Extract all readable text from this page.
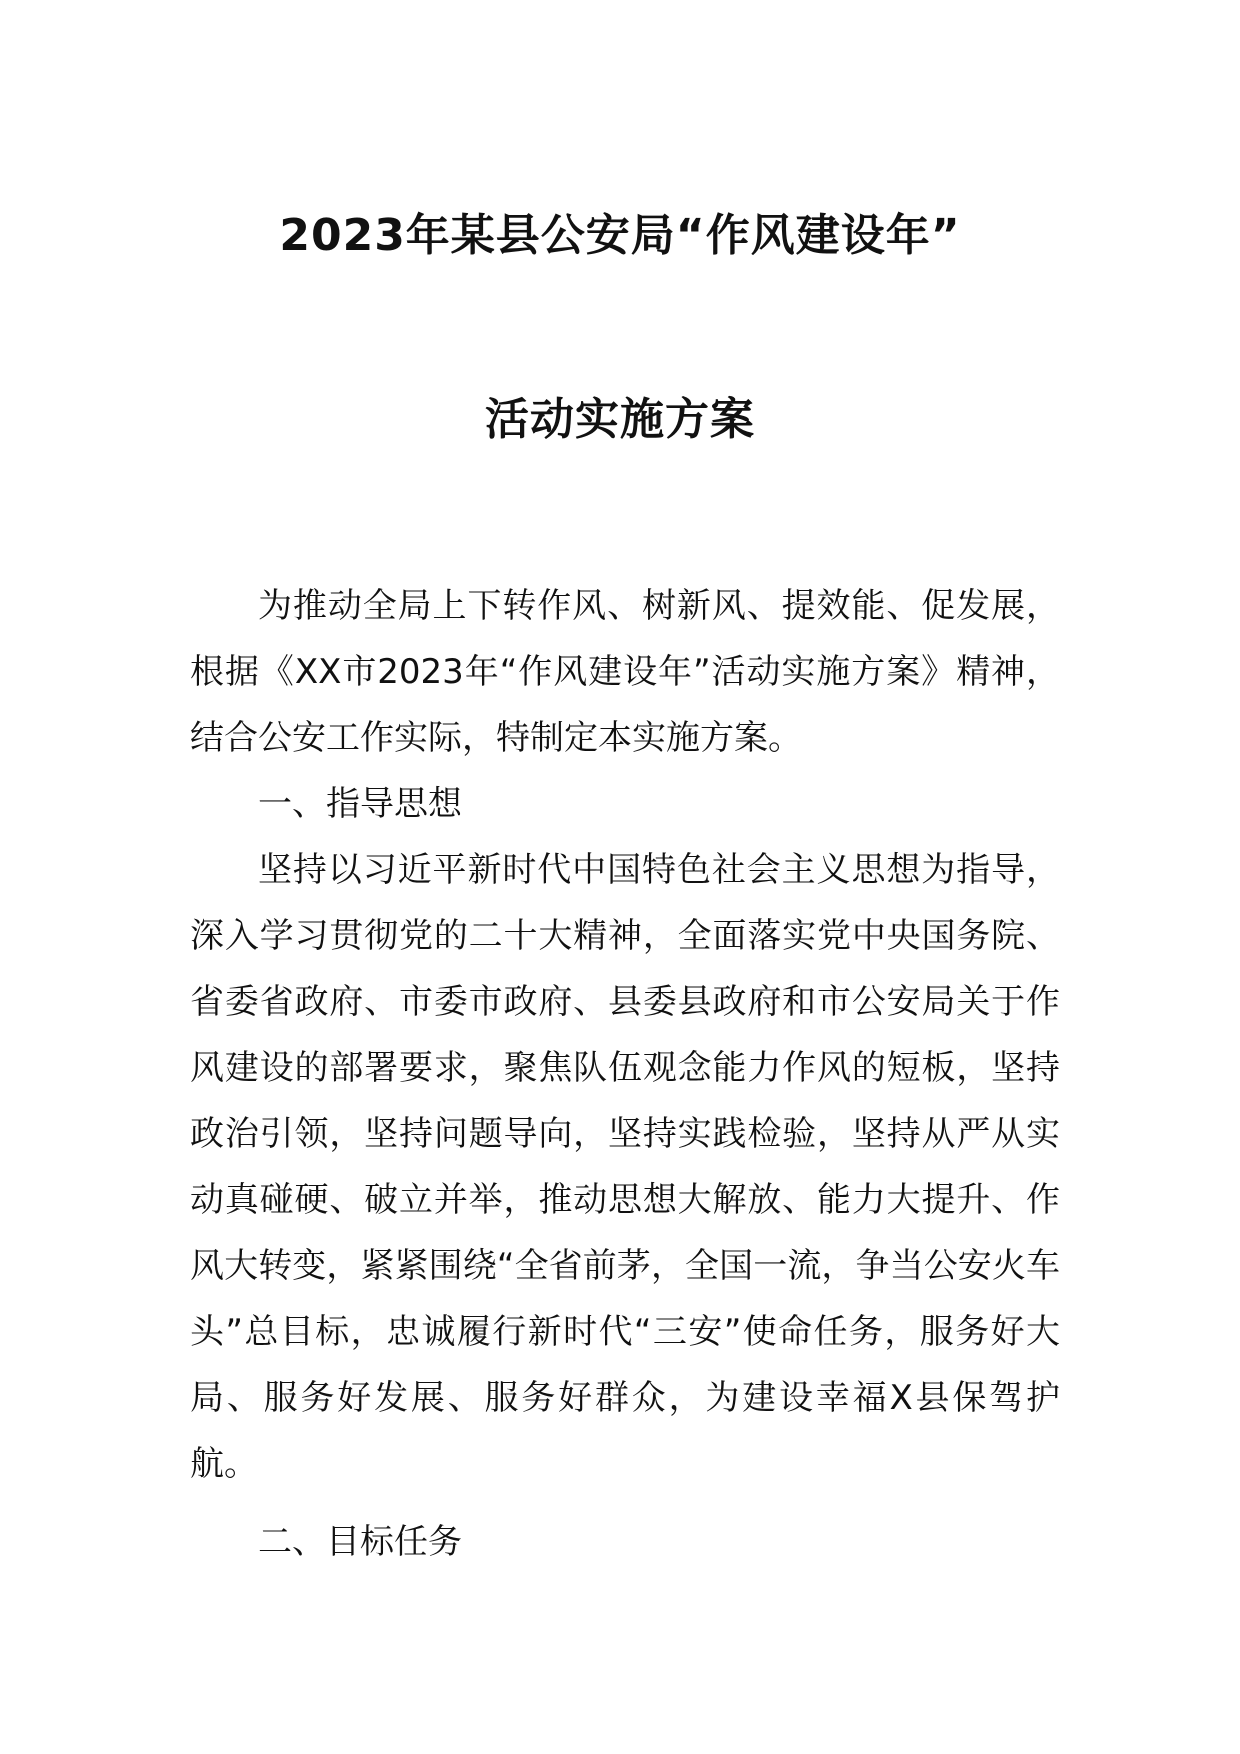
2023年某县公安局“作风建设年”
活动实施方案

为推动全局上下转作风、树新风、提效能、促发展，根据《XX市2023年“作风建设年”活动实施方案》精神，结合公安工作实际，特制定本实施方案。

一、指导思想

坚持以习近平新时代中国特色社会主义思想为指导，深入学习贯彻党的二十大精神，全面落实党中央国务院、省委省政府、市委市政府、县委县政府和市公安局关于作风建设的部署要求，聚焦队伍观念能力作风的短板，坚持政治引领，坚持问题导向，坚持实践检验，坚持从严从实动真碰硬、破立并举，推动思想大解放、能力大提升、作风大转变，紧紧围绕“全省前茅，全国一流，争当公安火车头”总目标，忠诚履行新时代“三安”使命任务，服务好大局、服务好发展、服务好群众，为建设幸福X县保驾护航。

二、目标任务
